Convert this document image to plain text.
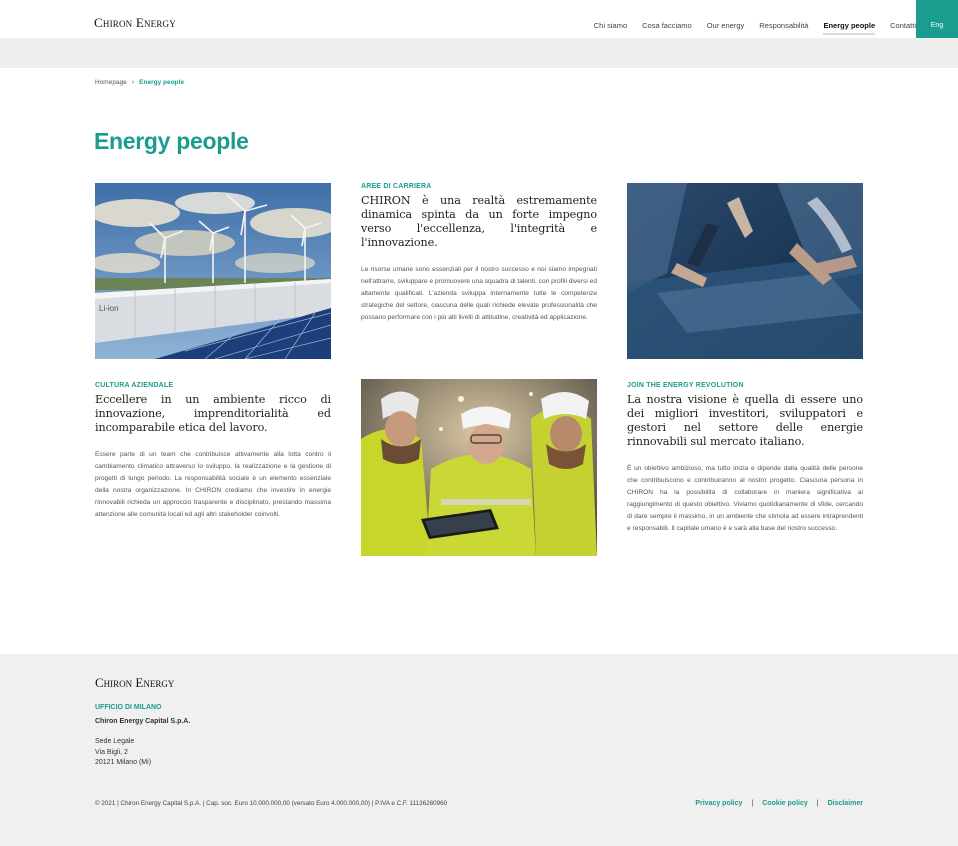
Chiron Energy	Chi siamo Cosa facciamo Our energy Responsabilità Energy people Contatti	Eng
Homepage › Energy people
Energy people
Li-ion
AREE DI CARRIERA
CHIRON è una realtà estremamente dinamica spinta da un forte impegno verso l'eccellenza, l'integrità e l'innovazione.
Le risorse umane sono essenziali per il nostro successo e noi siamo impegnati nell'attrarre, sviluppare e promuovere una squadra di talenti, con profili diversi ed altamente qualificati. L'azienda sviluppa internamente tutte le competenze strategiche del settore, ciascuna delle quali richiede elevate professionalità che possano performare con i più alti livelli di attitudine, creatività ed applicazione.
CULTURA AZIENDALE
Eccellere in un ambiente ricco di innovazione, imprenditorialità ed incomparabile etica del lavoro.
Essere parte di un team che contribuisce attivamente alla lotta contro il cambiamento climatico attraverso lo sviluppo, la realizzazione e la gestione di progetti di lungo periodo. La responsabilità sociale è un elemento essenziale della nostra organizzazione. In CHIRON crediamo che investire in energie rinnovabili richieda un approccio trasparente e disciplinato, prestando massima attenzione alle comunità locali ed agli altri stakeholder coinvolti.
JOIN THE ENERGY REVOLUTION
La nostra visione è quella di essere uno dei migliori investitori, sviluppatori e gestori nel settore delle energie rinnovabili sul mercato italiano.
È un obiettivo ambizioso, ma tutto inizia e dipende dalla qualità delle persone che contribuiscono e contribuiranno al nostro progetto. Ciascuna persona in CHIRON ha la possibilità di collaborare in maniera significativa al raggiungimento di questo obiettivo. Viviamo quotidianamente di sfide, cercando di dare sempre il massimo, in un ambiente che stimola ad essere intraprendenti e responsabili. Il capitale umano è e sarà alla base del nostro successo.
Chiron Energy
UFFICIO DI MILANO
Chiron Energy Capital S.p.A.
Sede Legale
Via Bigli, 2
20121 Milano (Mi)
© 2021 | Chiron Energy Capital S.p.A. | Cap. soc. Euro 10.000.000,00 (versato Euro 4.000.000,00) | P.IVA e C.F. 11136280960	Privacy policy | Cookie policy | Disclaimer
